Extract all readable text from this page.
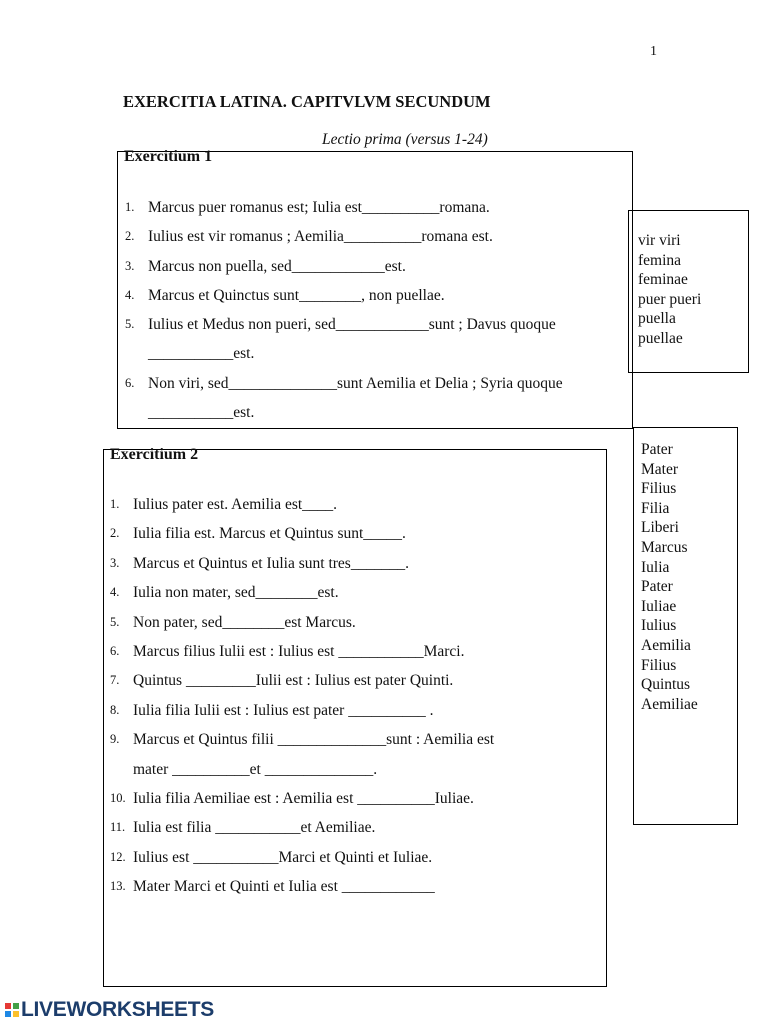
1
EXERCITIA LATINA. CAPITVLVM SECUNDUM
Lectio prima (versus 1-24)
Exercitium 1
1. Marcus puer romanus est; Iulia est__________romana.
2. Iulius est vir romanus ; Aemilia__________romana est.
3. Marcus non puella, sed____________est.
4. Marcus et Quinctus sunt________, non puellae.
5. Iulius et Medus non pueri, sed____________sunt ; Davus quoque
___________est.
6. Non viri, sed______________sunt Aemilia et Delia ; Syria quoque
___________est.
vir viri
femina
feminae
puer pueri
puella
puellae
Exercitium 2
1. Iulius pater est. Aemilia est____.
2. Iulia filia est. Marcus et Quintus sunt_____.
3. Marcus et Quintus et Iulia sunt tres_______.
4. Iulia non mater, sed________est.
5. Non pater, sed________est Marcus.
6. Marcus filius Iulii est : Iulius est ___________Marci.
7. Quintus _________Iulii est : Iulius est pater Quinti.
8. Iulia filia Iulii est : Iulius est pater __________ .
9. Marcus et Quintus filii ______________sunt : Aemilia est
mater __________et ______________.
10. Iulia filia Aemiliae est : Aemilia est __________Iuliae.
11. Iulia est filia ___________et Aemiliae.
12. Iulius est ___________Marci et Quinti et Iuliae.
13. Mater Marci et Quinti et Iulia est ____________
Pater
Mater
Filius
Filia
Liberi
Marcus
Iulia
Pater
Iuliae
Iulius
Aemilia
Filius
Quintus
Aemiliae
LIVEWORKSHEETS
